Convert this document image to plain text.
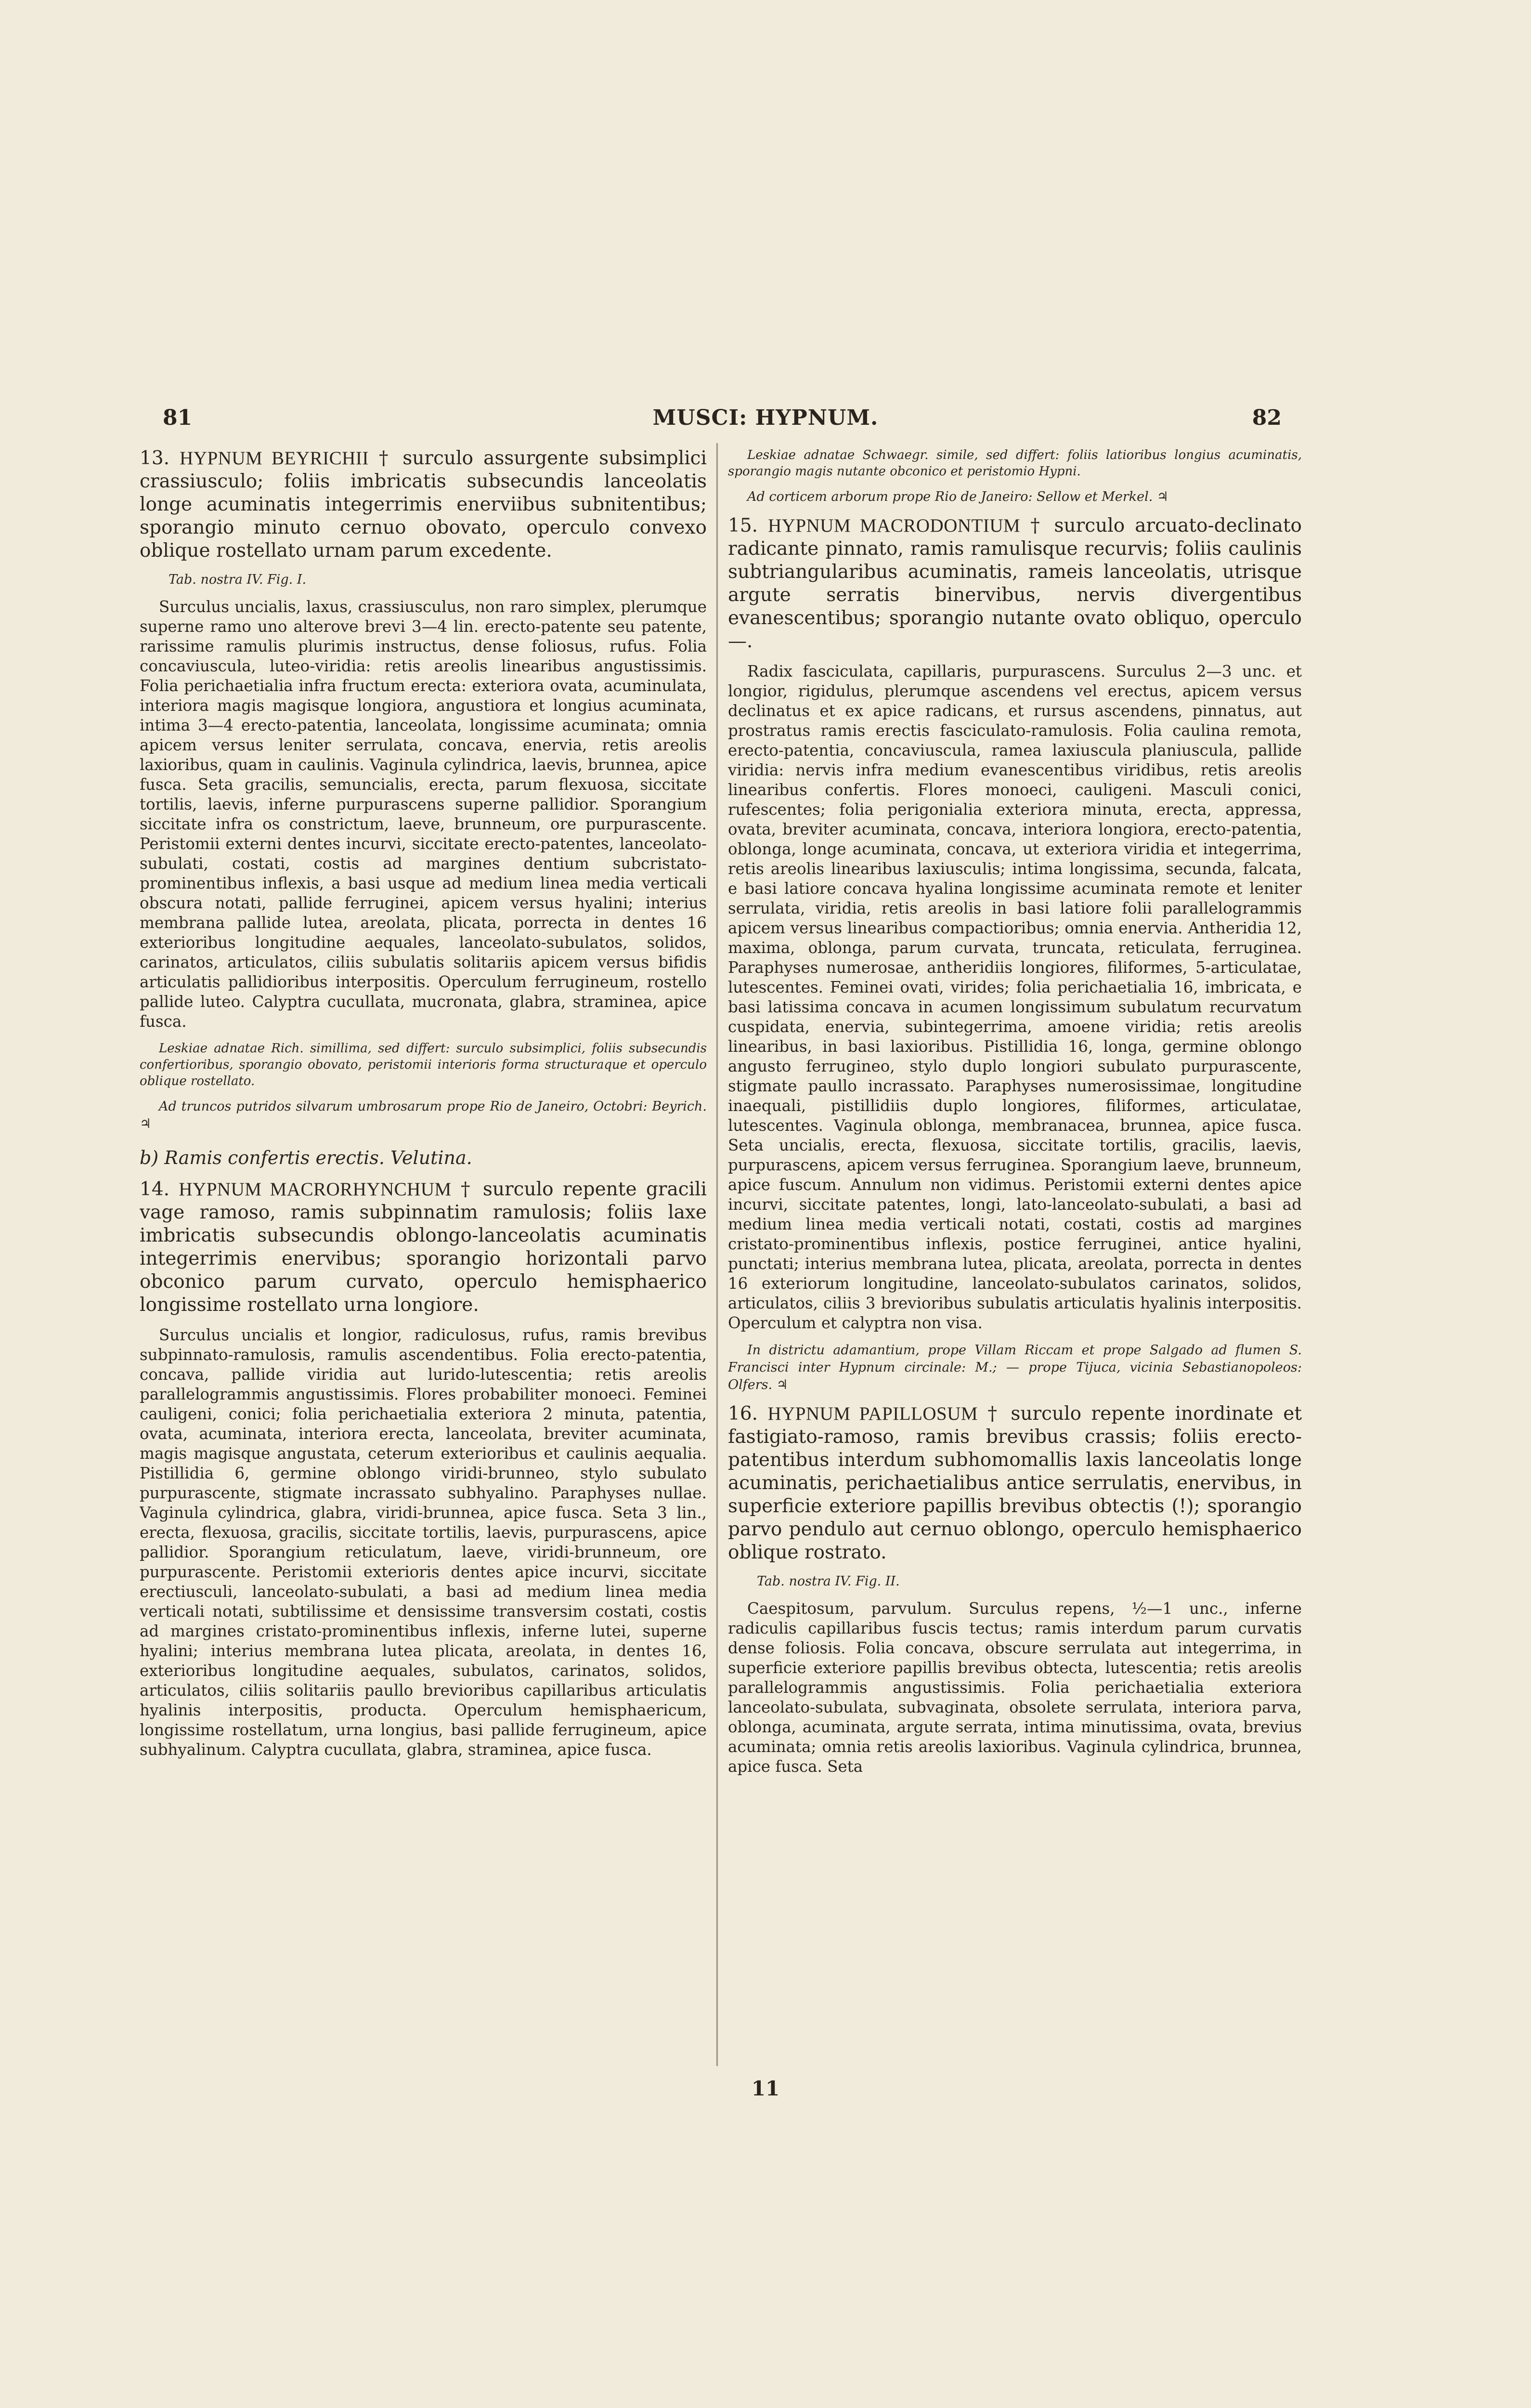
81	MUSCI: HYPNUM.	82

13. HYPNUM BEYRICHII † surculo assurgente subsimplici crassiusculo; foliis imbricatis subsecundis lanceolatis longe acuminatis integerrimis enerviibus subnitentibus; sporangio minuto cernuo obovato, operculo convexo oblique rostellato urnam parum excedente.

Tab. nostra IV. Fig. I.

Surculus uncialis, laxus, crassiusculus, non raro simplex, plerumque superne ramo uno alterove brevi 3—4 lin. erecto-patente seu patente, rarissime ramulis plurimis instructus, dense foliosus, rufus. Folia concaviuscula, luteo-viridia: retis areolis linearibus angustissimis. Folia perichaetialia infra fructum erecta: exteriora ovata, acuminulata, interiora magis magisque longiora, angustiora et longius acuminata, intima 3—4 erecto-patentia, lanceolata, longissime acuminata; omnia apicem versus leniter serrulata, concava, enervia, retis areolis laxioribus, quam in caulinis. Vaginula cylindrica, laevis, brunnea, apice fusca. Seta gracilis, semuncialis, erecta, parum flexuosa, siccitate tortilis, laevis, inferne purpurascens superne pallidior. Sporangium siccitate infra os constrictum, laeve, brunneum, ore purpurascente. Peristomii externi dentes incurvi, siccitate erecto-patentes, lanceolato-subulati, costati, costis ad margines dentium subcristato-prominentibus inflexis, a basi usque ad medium linea media verticali obscura notati, pallide ferruginei, apicem versus hyalini; interius membrana pallide lutea, areolata, plicata, porrecta in dentes 16 exterioribus longitudine aequales, lanceolato-subulatos, solidos, carinatos, articulatos, ciliis subulatis solitariis apicem versus bifidis articulatis pallidioribus interpositis. Operculum ferrugineum, rostello pallide luteo. Calyptra cucullata, mucronata, glabra, straminea, apice fusca.

Leskiae adnatae Rich. simillima, sed differt: surculo subsimplici, foliis subsecundis confertioribus, sporangio obovato, peristomii interioris forma structuraque et operculo oblique rostellato.

Ad truncos putridos silvarum umbrosarum prope Rio de Janeiro, Octobri: Beyrich. ♃

b) Ramis confertis erectis. Velutina.

14. HYPNUM MACRORHYNCHUM † surculo repente gracili vage ramoso, ramis subpinnatim ramulosis; foliis laxe imbricatis subsecundis oblongo-lanceolatis acuminatis integerrimis enervibus; sporangio horizontali parvo obconico parum curvato, operculo hemisphaerico longissime rostellato urna longiore.

Surculus uncialis et longior, radiculosus, rufus, ramis brevibus subpinnato-ramulosis, ramulis ascendentibus. Folia erecto-patentia, concava, pallide viridia aut lurido-lutescentia; retis areolis parallelogrammis angustissimis. Flores probabiliter monoeci. Feminei cauligeni, conici; folia perichaetialia exteriora 2 minuta, patentia, ovata, acuminata, interiora erecta, lanceolata, breviter acuminata, magis magisque angustata, ceterum exterioribus et caulinis aequalia. Pistillidia 6, germine oblongo viridi-brunneo, stylo subulato purpurascente, stigmate incrassato subhyalino. Paraphyses nullae. Vaginula cylindrica, glabra, viridi-brunnea, apice fusca. Seta 3 lin., erecta, flexuosa, gracilis, siccitate tortilis, laevis, purpurascens, apice pallidior. Sporangium reticulatum, laeve, viridi-brunneum, ore purpurascente. Peristomii exterioris dentes apice incurvi, siccitate erectiusculi, lanceolato-subulati, a basi ad medium linea media verticali notati, subtilissime et densissime transversim costati, costis ad margines cristato-prominentibus inflexis, inferne lutei, superne hyalini; interius membrana lutea plicata, areolata, in dentes 16, exterioribus longitudine aequales, subulatos, carinatos, solidos, articulatos, ciliis solitariis paullo brevioribus capillaribus articulatis hyalinis interpositis, producta. Operculum hemisphaericum, longissime rostellatum, urna longius, basi pallide ferrugineum, apice subhyalinum. Calyptra cucullata, glabra, straminea, apice fusca.

Leskiae adnatae Schwaegr. simile, sed differt: foliis latioribus longius acuminatis, sporangio magis nutante obconico et peristomio Hypni.

Ad corticem arborum prope Rio de Janeiro: Sellow et Merkel. ♃

15. HYPNUM MACRODONTIUM † surculo arcuato-declinato radicante pinnato, ramis ramulisque recurvis; foliis caulinis subtriangularibus acuminatis, rameis lanceolatis, utrisque argute serratis binervibus, nervis divergentibus evanescentibus; sporangio nutante ovato obliquo, operculo —.

Radix fasciculata, capillaris, purpurascens. Surculus 2—3 unc. et longior, rigidulus, plerumque ascendens vel erectus, apicem versus declinatus et ex apice radicans, et rursus ascendens, pinnatus, aut prostratus ramis erectis fasciculato-ramulosis. Folia caulina remota, erecto-patentia, concaviuscula, ramea laxiuscula planiuscula, pallide viridia: nervis infra medium evanescentibus viridibus, retis areolis linearibus confertis. Flores monoeci, cauligeni. Masculi conici, rufescentes; folia perigonialia exteriora minuta, erecta, appressa, ovata, breviter acuminata, concava, interiora longiora, erecto-patentia, oblonga, longe acuminata, concava, ut exteriora viridia et integerrima, retis areolis linearibus laxiusculis; intima longissima, secunda, falcata, e basi latiore concava hyalina longissime acuminata remote et leniter serrulata, viridia, retis areolis in basi latiore folii parallelogrammis apicem versus linearibus compactioribus; omnia enervia. Antheridia 12, maxima, oblonga, parum curvata, truncata, reticulata, ferruginea. Paraphyses numerosae, antheridiis longiores, filiformes, 5-articulatae, lutescentes. Feminei ovati, virides; folia perichaetialia 16, imbricata, e basi latissima concava in acumen longissimum subulatum recurvatum cuspidata, enervia, subintegerrima, amoene viridia; retis areolis linearibus, in basi laxioribus. Pistillidia 16, longa, germine oblongo angusto ferrugineo, stylo duplo longiori subulato purpurascente, stigmate paullo incrassato. Paraphyses numerosissimae, longitudine inaequali, pistillidiis duplo longiores, filiformes, articulatae, lutescentes. Vaginula oblonga, membranacea, brunnea, apice fusca. Seta uncialis, erecta, flexuosa, siccitate tortilis, gracilis, laevis, purpurascens, apicem versus ferruginea. Sporangium laeve, brunneum, apice fuscum. Annulum non vidimus. Peristomii externi dentes apice incurvi, siccitate patentes, longi, lato-lanceolato-subulati, a basi ad medium linea media verticali notati, costati, costis ad margines cristato-prominentibus inflexis, postice ferruginei, antice hyalini, punctati; interius membrana lutea, plicata, areolata, porrecta in dentes 16 exteriorum longitudine, lanceolato-subulatos carinatos, solidos, articulatos, ciliis 3 brevioribus subulatis articulatis hyalinis interpositis. Operculum et calyptra non visa.

In districtu adamantium, prope Villam Riccam et prope Salgado ad flumen S. Francisci inter Hypnum circinale: M.; — prope Tijuca, vicinia Sebastianopoleos: Olfers. ♃

16. HYPNUM PAPILLOSUM † surculo repente inordinate et fastigiato-ramoso, ramis brevibus crassis; foliis erecto-patentibus interdum subhomomallis laxis lanceolatis longe acuminatis, perichaetialibus antice serrulatis, enervibus, in superficie exteriore papillis brevibus obtectis (!); sporangio parvo pendulo aut cernuo oblongo, operculo hemisphaerico oblique rostrato.

Tab. nostra IV. Fig. II.

Caespitosum, parvulum. Surculus repens, ½—1 unc., inferne radiculis capillaribus fuscis tectus; ramis interdum parum curvatis dense foliosis. Folia concava, obscure serrulata aut integerrima, in superficie exteriore papillis brevibus obtecta, lutescentia; retis areolis parallelogrammis angustissimis. Folia perichaetialia exteriora lanceolato-subulata, subvaginata, obsolete serrulata, interiora parva, oblonga, acuminata, argute serrata, intima minutissima, ovata, brevius acuminata; omnia retis areolis laxioribus. Vaginula cylindrica, brunnea, apice fusca. Seta

11
